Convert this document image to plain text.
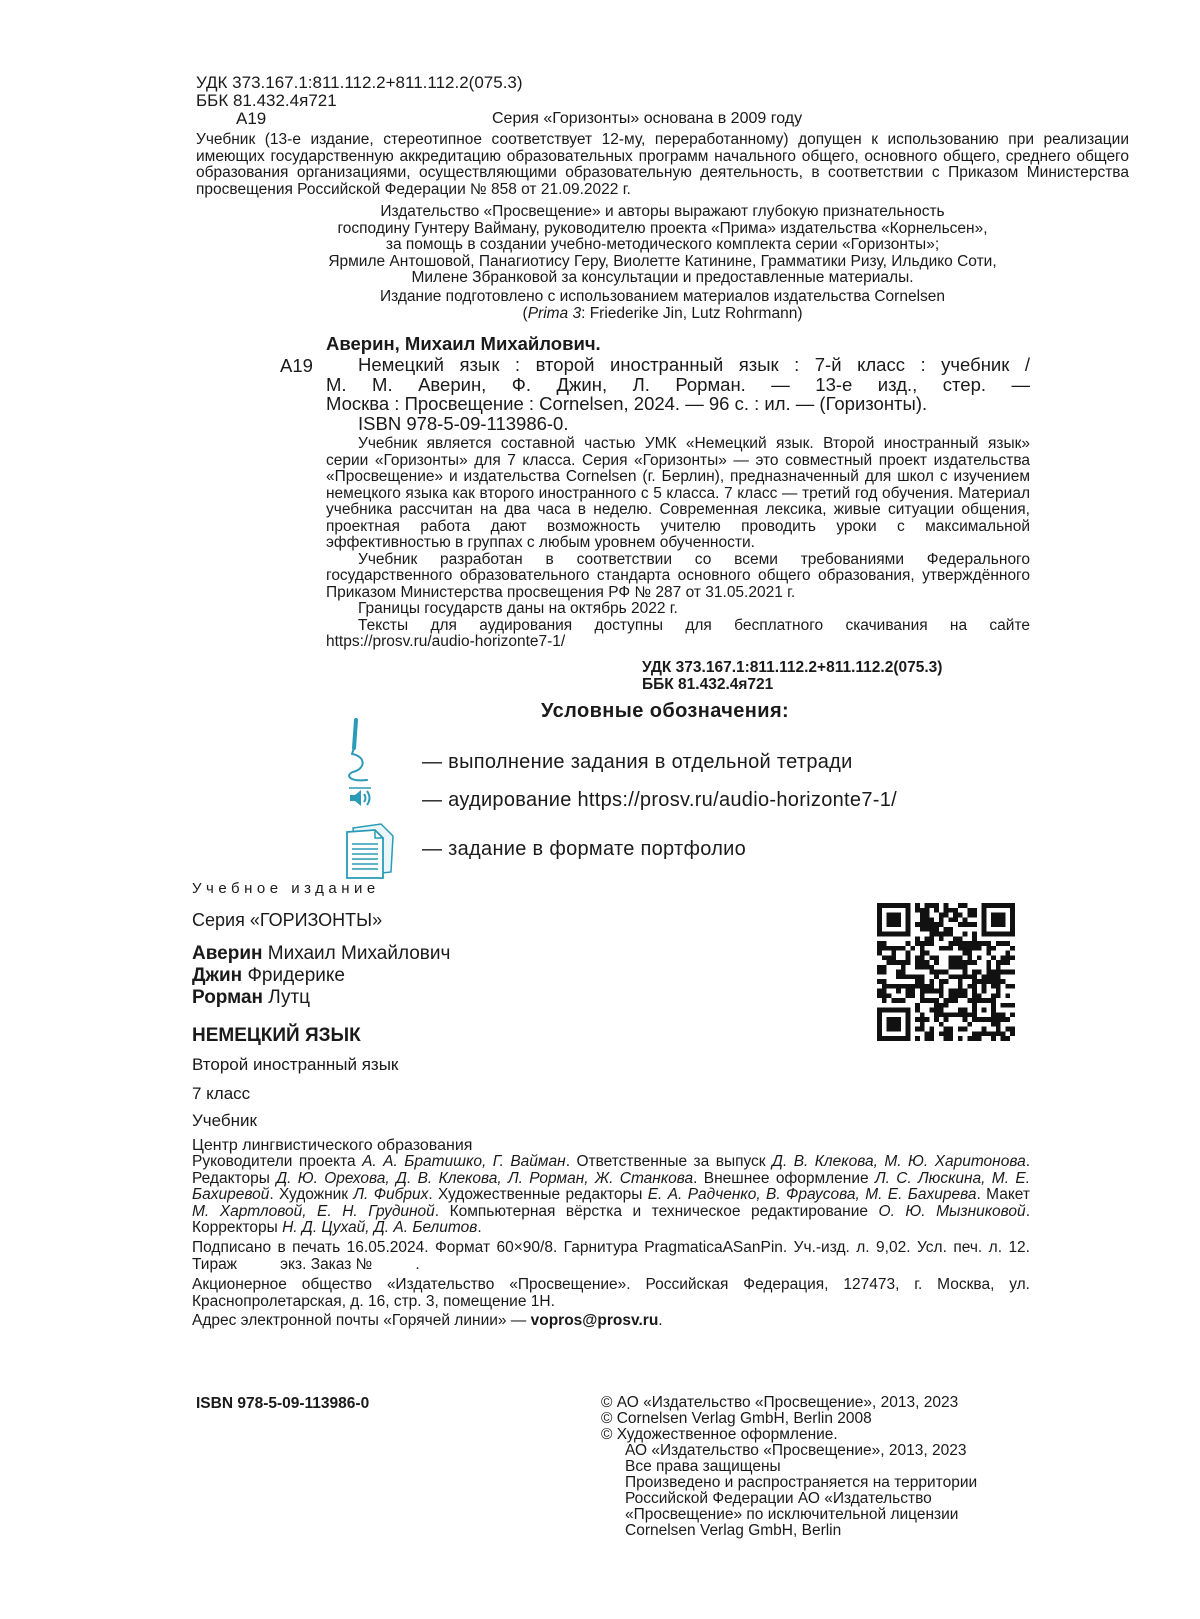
УДК 373.167.1:811.112.2+811.112.2(075.3)
ББК 81.432.4я721
А19	Серия «Горизонты» основана в 2009 году
Учебник (13-е издание, стереотипное соответствует 12-му, переработанному) допущен к использованию при реализации имеющих государственную аккредитацию образовательных программ начального общего, основного общего, среднего общего образования организациями, осуществляющими образовательную деятельность, в соответствии с Приказом Министерства просвещения Российской Федерации № 858 от 21.09.2022 г.
Издательство «Просвещение» и авторы выражают глубокую признательность
господину Гунтеру Вайману, руководителю проекта «Прима» издательства «Корнельсен»,
за помощь в создании учебно-методического комплекта серии «Горизонты»;
Ярмиле Антошовой, Панагиотису Геру, Виолетте Катинине, Грамматики Ризу, Ильдико Соти,
Милене Збранковой за консультации и предоставленные материалы.
Издание подготовлено с использованием материалов издательства Cornelsen
(Prima 3: Friederike Jin, Lutz Rohrmann)
Аверин, Михаил Михайлович.
А19	Немецкий язык : второй иностранный язык : 7-й класс : учебник /
М. М. Аверин, Ф. Джин, Л. Рорман. — 13-е изд., стер. —
Москва : Просвещение : Cornelsen, 2024. — 96 с. : ил. — (Горизонты).
ISBN 978-5-09-113986-0.

Учебник является составной частью УМК «Немецкий язык. Второй иностранный язык» серии «Горизонты» для 7 класса. Серия «Горизонты» — это совместный проект издательства «Просвещение» и издательства Cornelsen (г. Берлин), предназначенный для школ с изучением немецкого языка как второго иностранного с 5 класса. 7 класс — третий год обучения. Материал учебника рассчитан на два часа в неделю. Современная лексика, живые ситуации общения, проектная работа дают возможность учителю проводить уроки с максимальной эффективностью в группах с любым уровнем обученности.

Учебник разработан в соответствии со всеми требованиями Федерального государственного образовательного стандарта основного общего образования, утверждённого Приказом Министерства просвещения РФ № 287 от 31.05.2021 г.

Границы государств даны на октябрь 2022 г.

Тексты для аудирования доступны для бесплатного скачивания на сайте https://prosv.ru/audio-horizonte7-1/

УДК 373.167.1:811.112.2+811.112.2(075.3)
ББК 81.432.4я721
Условные обозначения:
— выполнение задания в отдельной тетради
— аудирование https://prosv.ru/audio-horizonte7-1/
— задание в формате портфолио
Учебное издание
Серия «ГОРИЗОНТЫ»
Аверин Михаил Михайлович
Джин Фридерике
Рорман Лутц
НЕМЕЦКИЙ ЯЗЫК
Второй иностранный язык
7 класс
Учебник
Центр лингвистического образования
Руководители проекта А. А. Братишко, Г. Вайман. Ответственные за выпуск Д. В. Клекова, М. Ю. Харитонова. Редакторы Д. Ю. Орехова, Д. В. Клекова, Л. Рорман, Ж. Станкова. Внешнее оформление Л. С. Люскина, М. Е. Бахиревой. Художник Л. Фибрих. Художественные редакторы Е. А. Радченко, В. Фраусова, М. Е. Бахирева. Макет М. Хартловой, Е. Н. Грудиной. Компьютерная вёрстка и техническое редактирование О. Ю. Мызниковой. Корректоры Н. Д. Цухай, Д. А. Белитов.
Подписано в печать 16.05.2024. Формат 60×90/8. Гарнитура PragmaticaASanPin. Уч.-изд. л. 9,02. Усл. печ. л. 12. Тираж          экз. Заказ №          .
Акционерное общество «Издательство «Просвещение». Российская Федерация, 127473, г. Москва, ул. Краснопролетарская, д. 16, стр. 3, помещение 1Н.
Адрес электронной почты «Горячей линии» — vopros@prosv.ru.
ISBN 978-5-09-113986-0	© АО «Издательство «Просвещение», 2013, 2023
© Cornelsen Verlag GmbH, Berlin 2008
© Художественное оформление.
АО «Издательство «Просвещение», 2013, 2023
Все права защищены
Произведено и распространяется на территории
Российской Федерации АО «Издательство
«Просвещение» по исключительной лицензии
Cornelsen Verlag GmbH, Berlin
